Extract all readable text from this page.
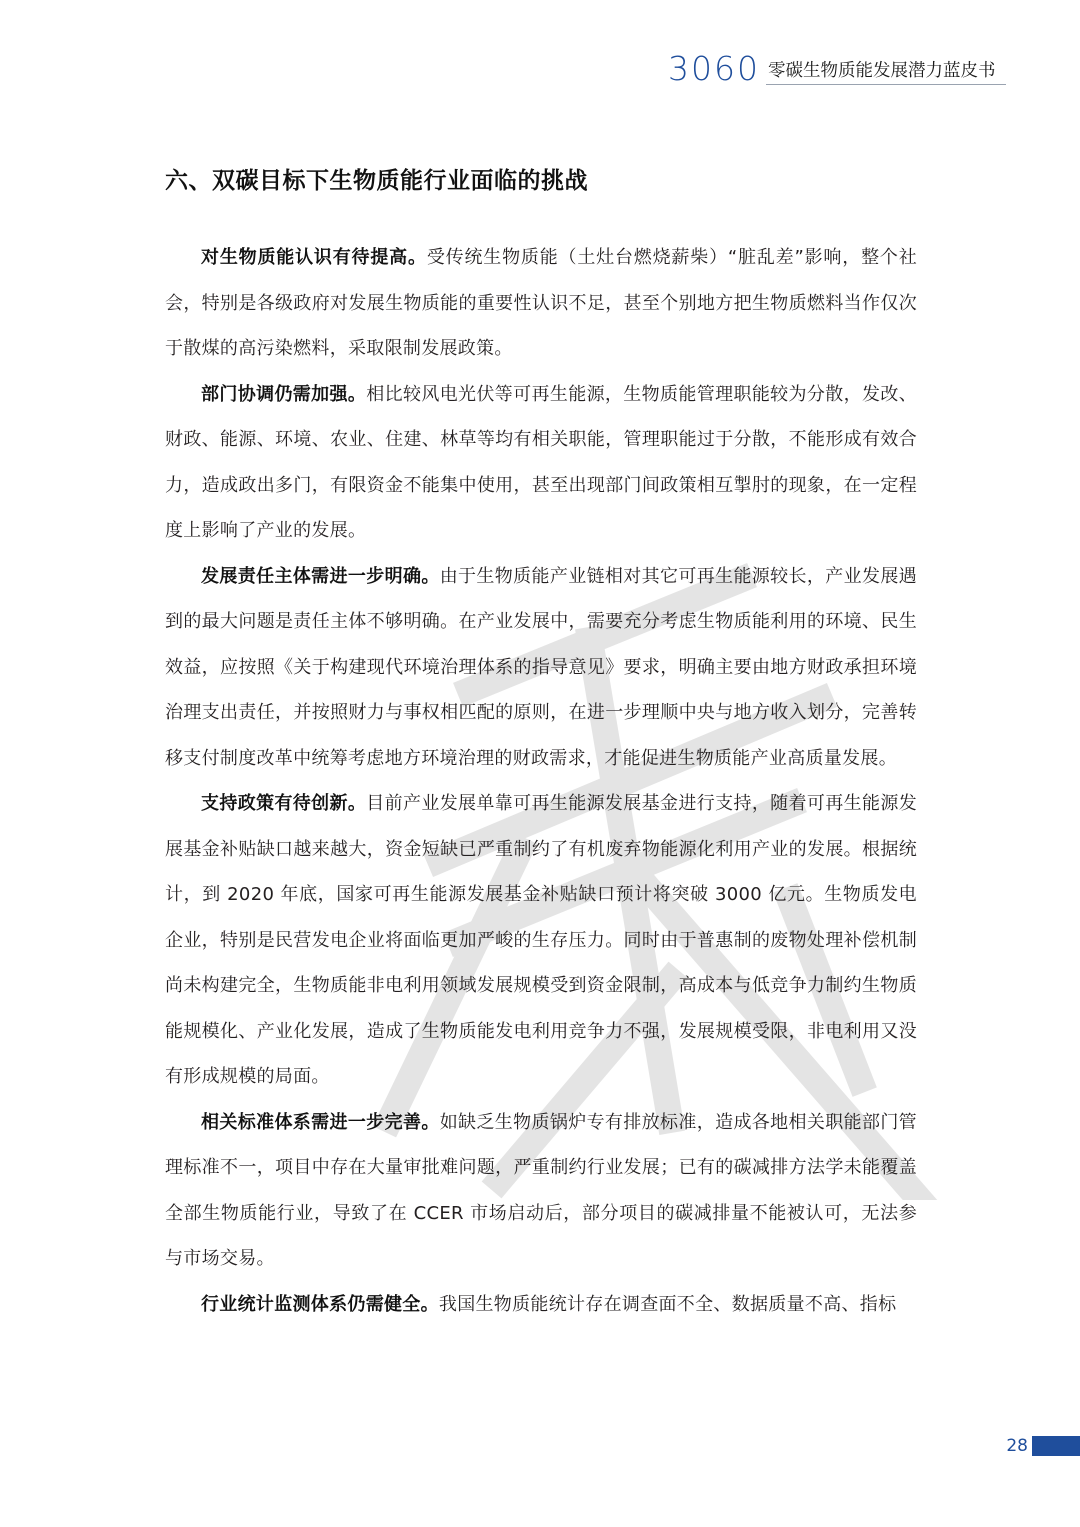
3060 零碳生物质能发展潜力蓝皮书
六、双碳目标下生物质能行业面临的挑战

对生物质能认识有待提高。受传统生物质能（土灶台燃烧薪柴）“脏乱差”影响，整个社会，特别是各级政府对发展生物质能的重要性认识不足，甚至个别地方把生物质燃料当作仅次于散煤的高污染燃料，采取限制发展政策。

部门协调仍需加强。相比较风电光伏等可再生能源，生物质能管理职能较为分散，发改、财政、能源、环境、农业、住建、林草等均有相关职能，管理职能过于分散，不能形成有效合力，造成政出多门，有限资金不能集中使用，甚至出现部门间政策相互掣肘的现象，在一定程度上影响了产业的发展。

发展责任主体需进一步明确。由于生物质能产业链相对其它可再生能源较长，产业发展遇到的最大问题是责任主体不够明确。在产业发展中，需要充分考虑生物质能利用的环境、民生效益，应按照《关于构建现代环境治理体系的指导意见》要求，明确主要由地方财政承担环境治理支出责任，并按照财力与事权相匹配的原则，在进一步理顺中央与地方收入划分，完善转移支付制度改革中统筹考虑地方环境治理的财政需求，才能促进生物质能产业高质量发展。

支持政策有待创新。目前产业发展单靠可再生能源发展基金进行支持，随着可再生能源发展基金补贴缺口越来越大，资金短缺已严重制约了有机废弃物能源化利用产业的发展。根据统计，到 2020 年底，国家可再生能源发展基金补贴缺口预计将突破 3000 亿元。生物质发电企业，特别是民营发电企业将面临更加严峻的生存压力。同时由于普惠制的废物处理补偿机制尚未构建完全，生物质能非电利用领域发展规模受到资金限制，高成本与低竞争力制约生物质能规模化、产业化发展，造成了生物质能发电利用竞争力不强，发展规模受限，非电利用又没有形成规模的局面。

相关标准体系需进一步完善。如缺乏生物质锅炉专有排放标准，造成各地相关职能部门管理标准不一，项目中存在大量审批难问题，严重制约行业发展；已有的碳减排方法学未能覆盖全部生物质能行业，导致了在 CCER 市场启动后，部分项目的碳减排量不能被认可，无法参与市场交易。

行业统计监测体系仍需健全。我国生物质能统计存在调查面不全、数据质量不高、指标

28
